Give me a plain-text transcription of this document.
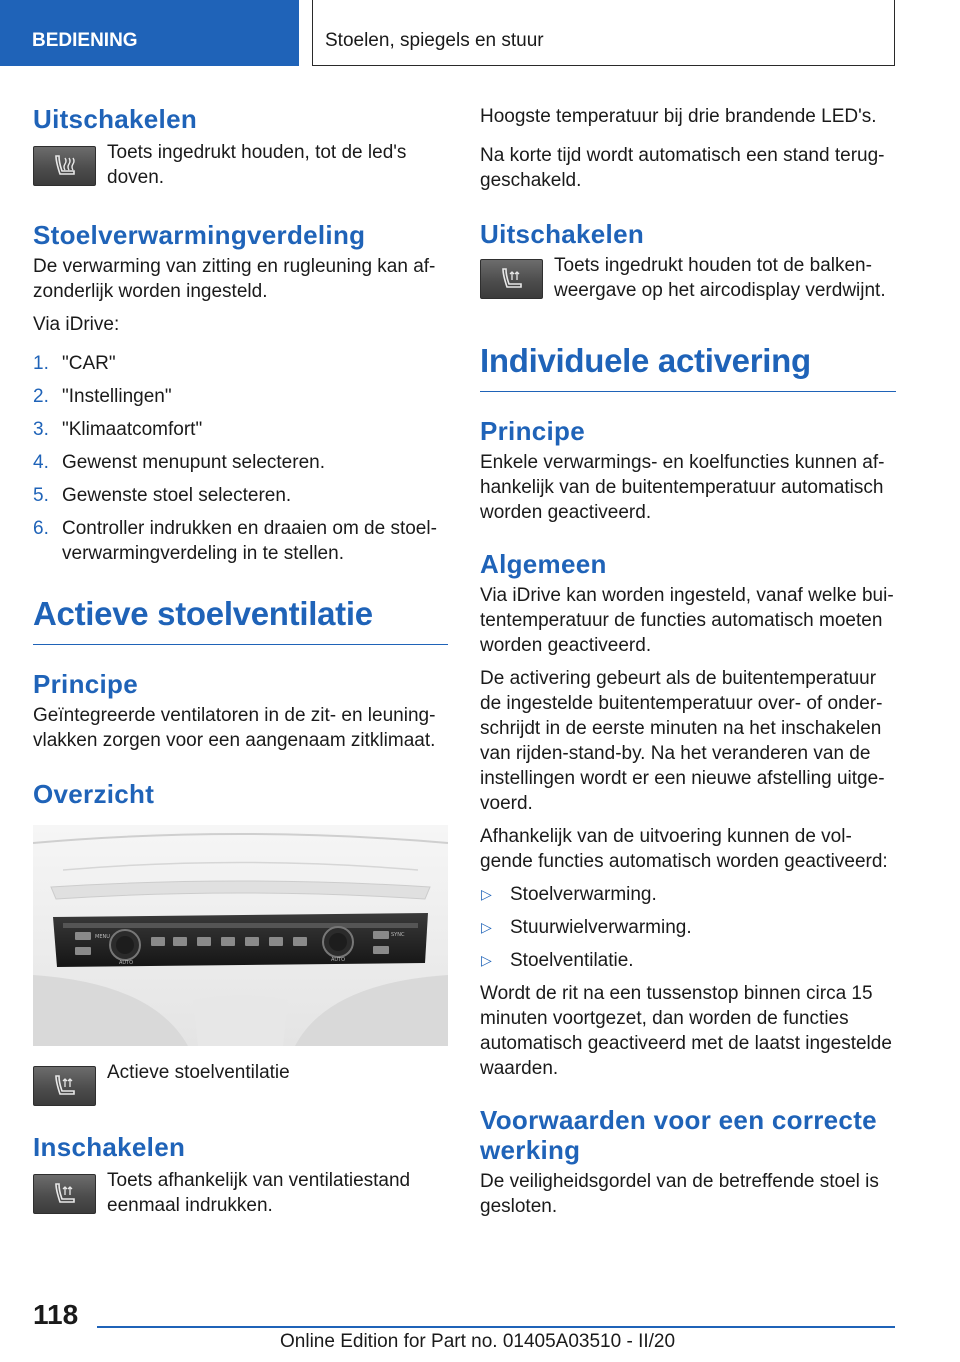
BEDIENING	Stoelen, spiegels en stuur
Uitschakelen

Toets ingedrukt houden, tot de led's doven.

Stoelverwarmingverdeling

De verwarming van zitting en rugleuning kan af-zonderlijk worden ingesteld.

Via iDrive:

1. "CAR"
2. "Instellingen"
3. "Klimaatcomfort"
4. Gewenst menupunt selecteren.
5. Gewenste stoel selecteren.
6. Controller indrukken en draaien om de stoel-verwarmingverdeling in te stellen.
Actieve stoelventilatie
Principe

Geïntegreerde ventilatoren in de zit- en leuning-vlakken zorgen voor een aangenaam zitklimaat.

Overzicht
MENU	SYNC
AUTO	AUTO

Actieve stoelventilatie

Inschakelen

Toets afhankelijk van ventilatiestand eenmaal indrukken.

Hoogste temperatuur bij drie brandende LED's.

Na korte tijd wordt automatisch een stand terug-geschakeld.

Uitschakelen

Toets ingedrukt houden tot de balken-weergave op het aircodisplay verdwijnt.

Individuele activering
Principe

Enkele verwarmings- en koelfuncties kunnen af-hankelijk van de buitentemperatuur automatisch worden geactiveerd.

Algemeen

Via iDrive kan worden ingesteld, vanaf welke bui-tentemperatuur de functies automatisch moeten worden geactiveerd.

De activering gebeurt als de buitentemperatuur de ingestelde buitentemperatuur over- of onder-schrijdt in de eerste minuten na het inschakelen van rijden-stand-by. Na het veranderen van de instellingen wordt er een nieuwe afstelling uitge-voerd.

Afhankelijk van de uitvoering kunnen de vol-gende functies automatisch worden geactiveerd:

▷ Stoelverwarming.
▷ Stuurwielverwarming.
▷ Stoelventilatie.

Wordt de rit na een tussenstop binnen circa 15 minuten voortgezet, dan worden de functies automatisch geactiveerd met de laatst ingestelde waarden.

Voorwaarden voor een correcte werking

De veiligheidsgordel van de betreffende stoel is gesloten.

118
Online Edition for Part no. 01405A03510 - II/20
